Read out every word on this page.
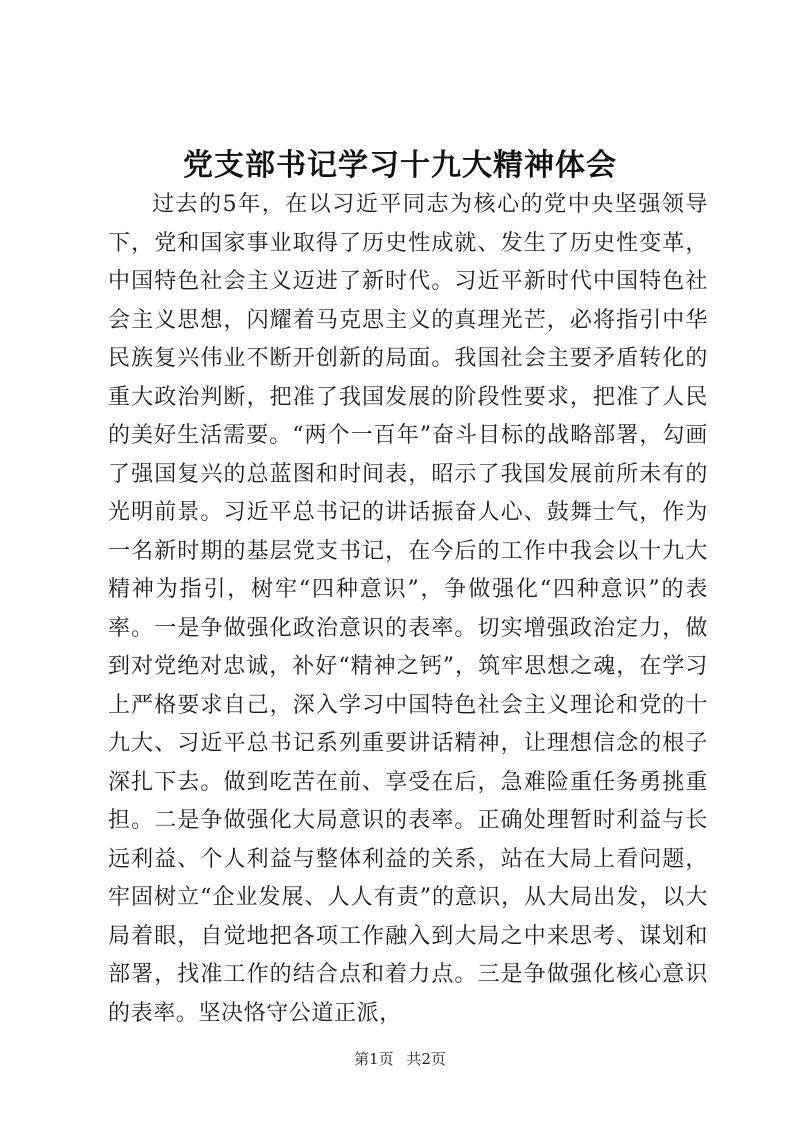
党支部书记学习十九大精神体会

过去的5年，在以习近平同志为核心的党中央坚强领导下，党和国家事业取得了历史性成就、发生了历史性变革，中国特色社会主义迈进了新时代。习近平新时代中国特色社会主义思想，闪耀着马克思主义的真理光芒，必将指引中华民族复兴伟业不断开创新的局面。我国社会主要矛盾转化的重大政治判断，把准了我国发展的阶段性要求，把准了人民的美好生活需要。“两个一百年”奋斗目标的战略部署，勾画了强国复兴的总蓝图和时间表，昭示了我国发展前所未有的光明前景。习近平总书记的讲话振奋人心、鼓舞士气，作为一名新时期的基层党支书记，在今后的工作中我会以十九大精神为指引，树牢“四种意识”，争做强化“四种意识”的表率。一是争做强化政治意识的表率。切实增强政治定力，做到对党绝对忠诚，补好“精神之钙”，筑牢思想之魂，在学习上严格要求自己，深入学习中国特色社会主义理论和党的十九大、习近平总书记系列重要讲话精神，让理想信念的根子深扎下去。做到吃苦在前、享受在后，急难险重任务勇挑重担。二是争做强化大局意识的表率。正确处理暂时利益与长远利益、个人利益与整体利益的关系，站在大局上看问题，牢固树立“企业发展、人人有责”的意识，从大局出发，以大局着眼，自觉地把各项工作融入到大局之中来思考、谋划和部署，找准工作的结合点和着力点。三是争做强化核心意识的表率。坚决恪守公道正派，

第1页 共2页
